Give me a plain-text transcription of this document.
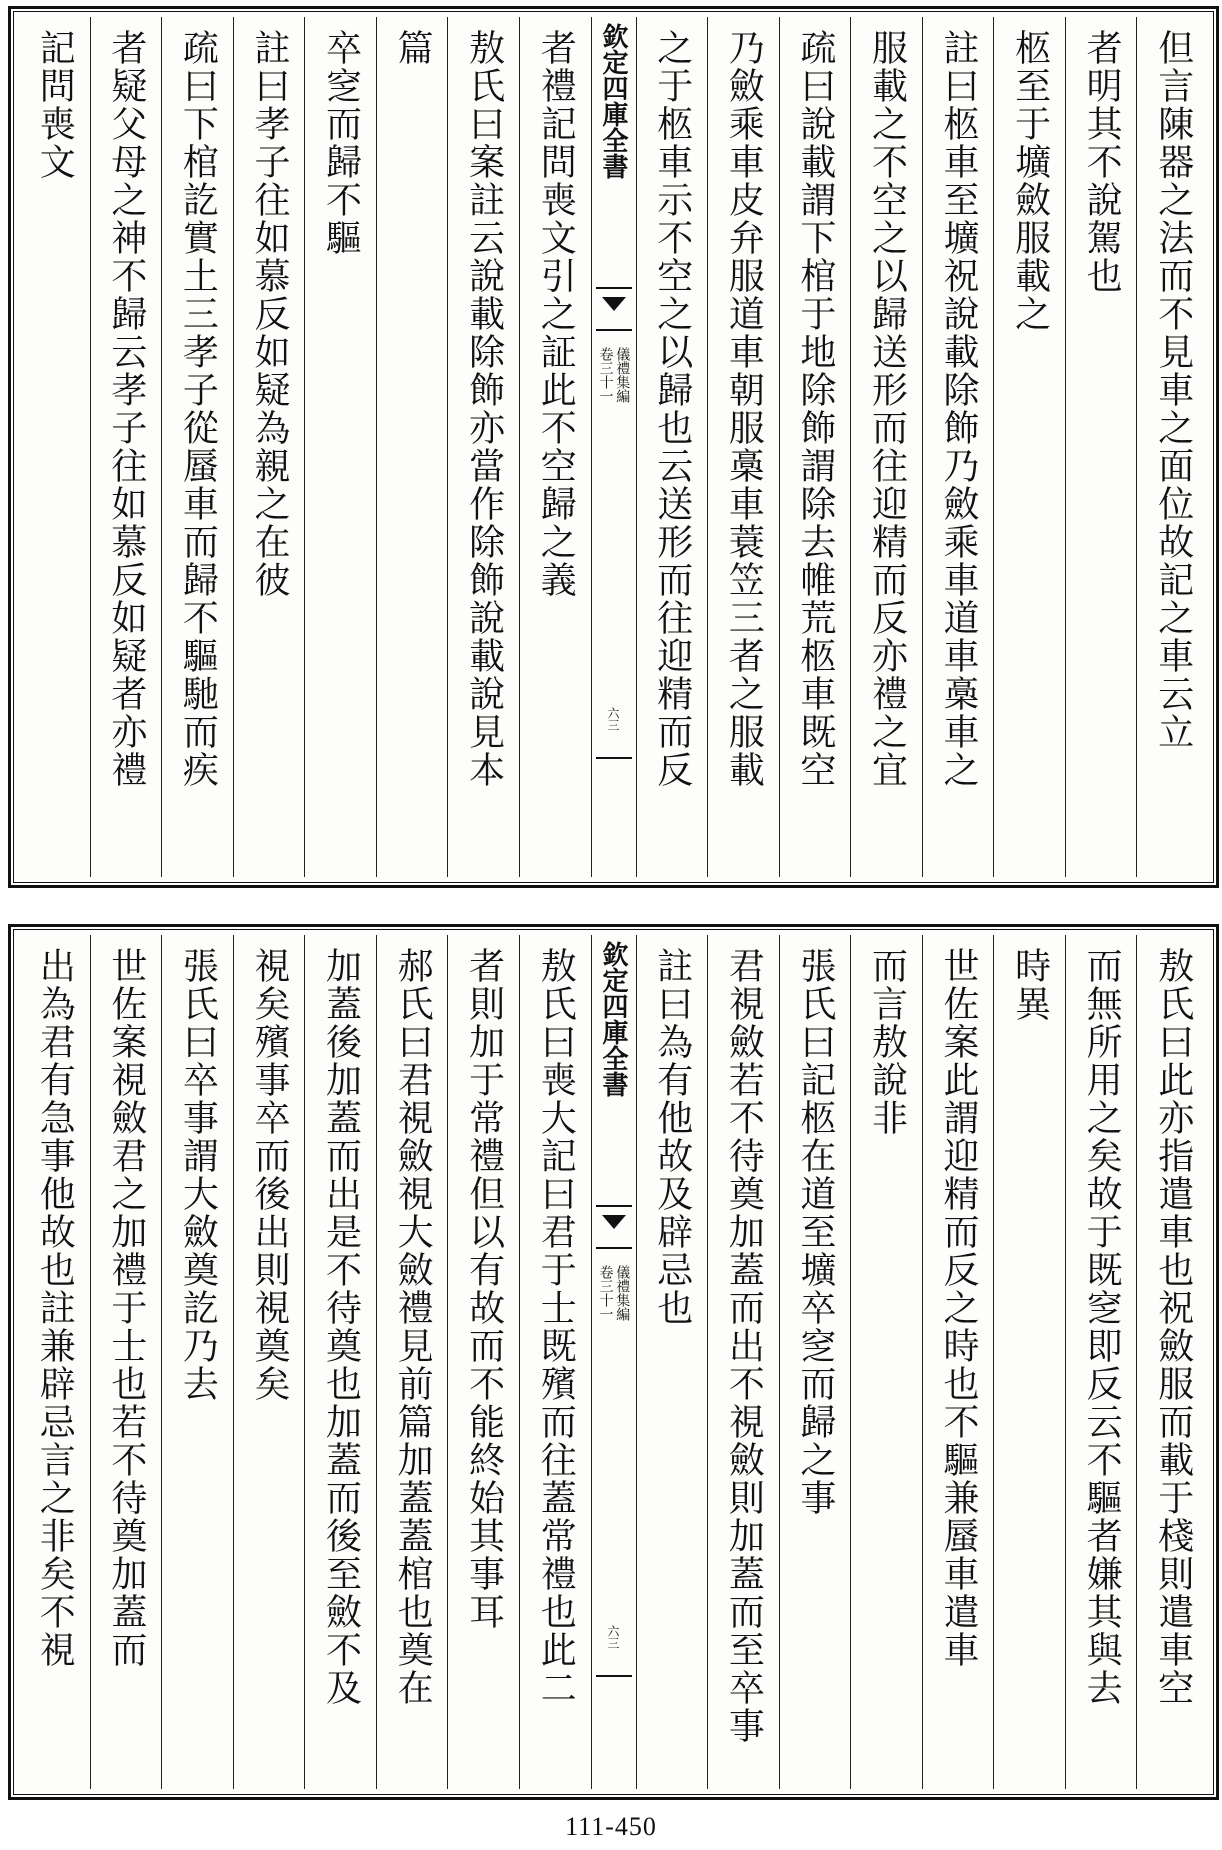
但言陳器之法而不見車之面位故記之車云立
者明其不說駕也
柩至于壙斂服載之
註曰柩車至壙祝說載除飾乃斂乘車道車槀車之
服載之不空之以歸送形而往迎精而反亦禮之宜
疏曰說載謂下棺于地除飾謂除去帷荒柩車既空
乃斂乘車皮弁服道車朝服槀車蓑笠三者之服載
之于柩車示不空之以歸也云送形而往迎精而反
欽定四庫全書
儀禮集編
卷三十一
六三
者禮記問喪文引之証此不空歸之義
敖氏曰案註云說載除飾亦當作除飾說載說見本
篇
卒窆而歸不驅
註曰孝子往如慕反如疑為親之在彼
疏曰下棺訖實土三孝子從蜃車而歸不驅馳而疾
者疑父母之神不歸云孝子往如慕反如疑者亦禮
記問喪文
敖氏曰此亦指遣車也祝斂服而載于棧則遣車空
而無所用之矣故于既窆即反云不驅者嫌其與去
時異
世佐案此謂迎精而反之時也不驅兼蜃車遣車
而言敖說非
張氏曰記柩在道至壙卒窆而歸之事
君視斂若不待奠加蓋而出不視斂則加蓋而至卒事
註曰為有他故及辟忌也
欽定四庫全書
儀禮集編
卷三十一
六三
敖氏曰喪大記曰君于士既殯而往蓋常禮也此二
者則加于常禮但以有故而不能終始其事耳
郝氏曰君視斂視大斂禮見前篇加蓋蓋棺也奠在
加蓋後加蓋而出是不待奠也加蓋而後至斂不及
視矣殯事卒而後出則視奠矣
張氏曰卒事謂大斂奠訖乃去
世佐案視斂君之加禮于士也若不待奠加蓋而
出為君有急事他故也註兼辟忌言之非矣不視
111-450
